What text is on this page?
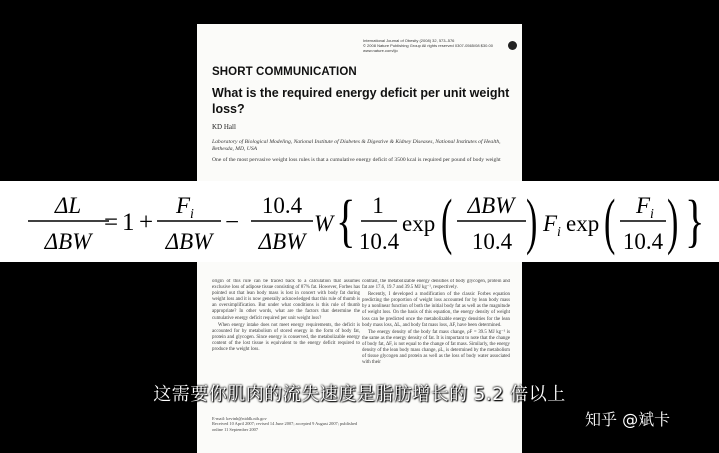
International Journal of Obesity (2008) 32, 573–576
© 2008 Nature Publishing Group All rights reserved 0307-0565/08 $30.00
www.nature.com/ijo
SHORT COMMUNICATION
What is the required energy deficit per unit weight loss?
KD Hall
Laboratory of Biological Modeling, National Institute of Diabetes & Digestive & Kidney Diseases, National Institutes of Health, Bethesda, MD, USA
One of the most pervasive weight loss rules is that a cumulative energy deficit of 3500 kcal is required per pound of body weight

origin of this rule can be traced back to a calculation that assumes exclusive loss of adipose tissue consisting of 87% fat. However, Forbes has pointed out that lean body mass is lost in concert with body fat during weight loss and it is now generally acknowledged that this rule of thumb is an oversimplification. But under what conditions is this rule of thumb appropriate? In other words, what are the factors that determine the cumulative energy deficit required per unit weight loss?

When energy intake does not meet energy requirements, the deficit is accounted for by metabolism of stored energy in the form of body fat, protein and glycogen. Since energy is conserved, the metabolizable energy content of the lost tissue is equivalent to the energy deficit required to produce the weight loss.

E-mail: kevinh@niddk.nih.gov
Received 10 April 2007; revised 14 June 2007; accepted 9 August 2007; published online 11 September 2007

contrast, the metabolizable energy densities of body glycogen, protein and fat are 17.6, 19.7 and 39.5 MJ kg⁻¹, respectively.

Recently, I developed a modification of the classic Forbes equation predicting the proportion of weight loss accounted for by lean body mass by a nonlinear function of both the initial body fat as well as the magnitude of weight loss. On the basis of this equation, the energy density of weight loss can be predicted once the metabolizable energy densities for the lean body mass loss, ΔL, and body fat mass loss, ΔF, have been determined.

The energy density of the body fat mass change, ρF = 39.5 MJ kg⁻¹ is the same as the energy density of fat. It is important to note that the change of body fat, ΔF, is not equal to the change of fat mass. Similarly, the energy density of the lean body mass change, ρL, is determined by the metabolism of tissue glycogen and protein as well as the loss of body water associated with their

ΔL
ΔBW
= 1 +
F i
ΔBW
−
10.4
ΔBW
W { 1
10.4
exp ( ΔBW
10.4 ) F i exp ( F i
10.4 ) }
这需要你肌肉的流失速度是脂肪增长的 5.2 倍以上
知乎 @斌卡
